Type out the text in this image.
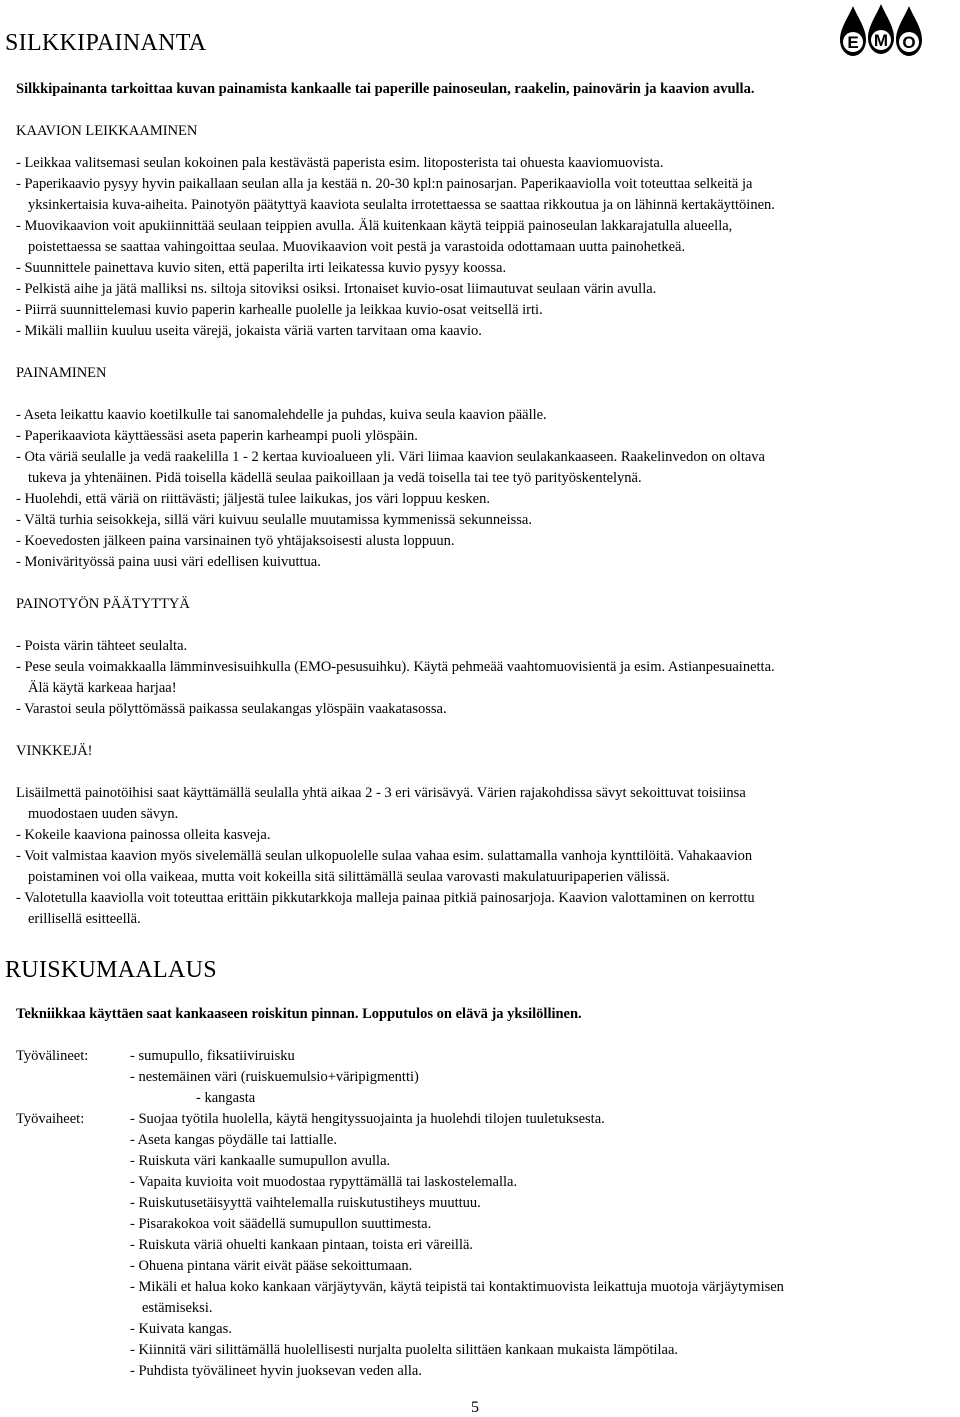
E M O
SILKKIPAINANTA
Silkkipainanta tarkoittaa kuvan painamista kankaalle tai paperille painoseulan, raakelin, painovärin ja kaavion avulla.
KAAVION LEIKKAAMINEN
- Leikkaa valitsemasi seulan kokoinen pala kestävästä paperista esim. litoposterista tai ohuesta kaaviomuovista.
- Paperikaavio pysyy hyvin paikallaan seulan alla ja kestää n. 20-30 kpl:n painosarjan. Paperikaaviolla voit toteuttaa selkeitä ja
yksinkertaisia kuva-aiheita. Painotyön päätyttyä kaaviota seulalta irrotettaessa se saattaa rikkoutua ja on lähinnä kertakäyttöinen.
- Muovikaavion voit apukiinnittää seulaan teippien avulla. Älä kuitenkaan käytä teippiä painoseulan lakkarajatulla alueella,
poistettaessa se saattaa vahingoittaa seulaa. Muovikaavion voit pestä ja varastoida odottamaan uutta painohetkeä.
- Suunnittele painettava kuvio siten, että paperilta irti leikatessa kuvio pysyy koossa.
- Pelkistä aihe ja jätä malliksi ns. siltoja sitoviksi osiksi. Irtonaiset kuvio-osat liimautuvat seulaan värin avulla.
- Piirrä suunnittelemasi kuvio paperin karhealle puolelle ja leikkaa kuvio-osat veitsellä irti.
- Mikäli malliin kuuluu useita värejä, jokaista väriä varten tarvitaan oma kaavio.
PAINAMINEN
- Aseta leikattu kaavio koetilkulle tai sanomalehdelle ja puhdas, kuiva seula kaavion päälle.
- Paperikaaviota käyttäessäsi aseta paperin karheampi puoli ylöspäin.
- Ota väriä seulalle ja vedä raakelilla 1 - 2 kertaa kuvioalueen yli. Väri liimaa kaavion seulakankaaseen. Raakelinvedon on oltava
tukeva ja yhtenäinen. Pidä toisella kädellä seulaa paikoillaan ja vedä toisella tai tee työ parityöskentelynä.
- Huolehdi, että väriä on riittävästi; jäljestä tulee laikukas, jos väri loppuu kesken.
- Vältä turhia seisokkeja, sillä väri kuivuu seulalle muutamissa kymmenissä sekunneissa.
- Koevedosten jälkeen paina varsinainen työ yhtäjaksoisesti alusta loppuun.
- Monivärityössä paina uusi väri edellisen kuivuttua.
PAINOTYÖN PÄÄTYTTYÄ
- Poista värin tähteet seulalta.
- Pese seula voimakkaalla lämminvesisuihkulla (EMO-pesusuihku). Käytä pehmeää vaahtomuovisientä ja esim. Astianpesuainetta.
Älä käytä karkeaa harjaa!
- Varastoi seula pölyttömässä paikassa seulakangas ylöspäin vaakatasossa.
VINKKEJÄ!
Lisäilmettä painotöihisi saat käyttämällä seulalla yhtä aikaa 2 - 3 eri värisävyä. Värien rajakohdissa sävyt sekoittuvat toisiinsa
muodostaen uuden sävyn.
- Kokeile kaaviona painossa olleita kasveja.
- Voit valmistaa kaavion myös sivelemällä seulan ulkopuolelle sulaa vahaa esim. sulattamalla vanhoja kynttilöitä. Vahakaavion
poistaminen voi olla vaikeaa, mutta voit kokeilla sitä silittämällä seulaa varovasti makulatuuripaperien välissä.
- Valotetulla kaaviolla voit toteuttaa erittäin pikkutarkkoja malleja painaa pitkiä painosarjoja. Kaavion valottaminen on kerrottu
erillisellä esitteellä.
RUISKUMAALAUS
Tekniikkaa käyttäen saat kankaaseen roiskitun pinnan. Lopputulos on elävä ja yksilöllinen.
Työvälineet:	- sumupullo, fiksatiiviruisku
- nestemäinen väri (ruiskuemulsio+väripigmentti)
- kangasta
Työvaiheet:	- Suojaa työtila huolella, käytä hengityssuojainta ja huolehdi tilojen tuuletuksesta.
- Aseta kangas pöydälle tai lattialle.
- Ruiskuta väri kankaalle sumupullon avulla.
- Vapaita kuvioita voit muodostaa rypyttämällä tai laskostelemalla.
- Ruiskutusetäisyyttä vaihtelemalla ruiskutustiheys muuttuu.
- Pisarakokoa voit säädellä sumupullon suuttimesta.
- Ruiskuta väriä ohuelti kankaan pintaan, toista eri väreillä.
- Ohuena pintana värit eivät pääse sekoittumaan.
- Mikäli et halua koko kankaan värjäytyvän, käytä teipistä tai kontaktimuovista leikattuja muotoja värjäytymisen
estämiseksi.
- Kuivata kangas.
- Kiinnitä väri silittämällä huolellisesti nurjalta puolelta silittäen kankaan mukaista lämpötilaa.
- Puhdista työvälineet hyvin juoksevan veden alla.
5
